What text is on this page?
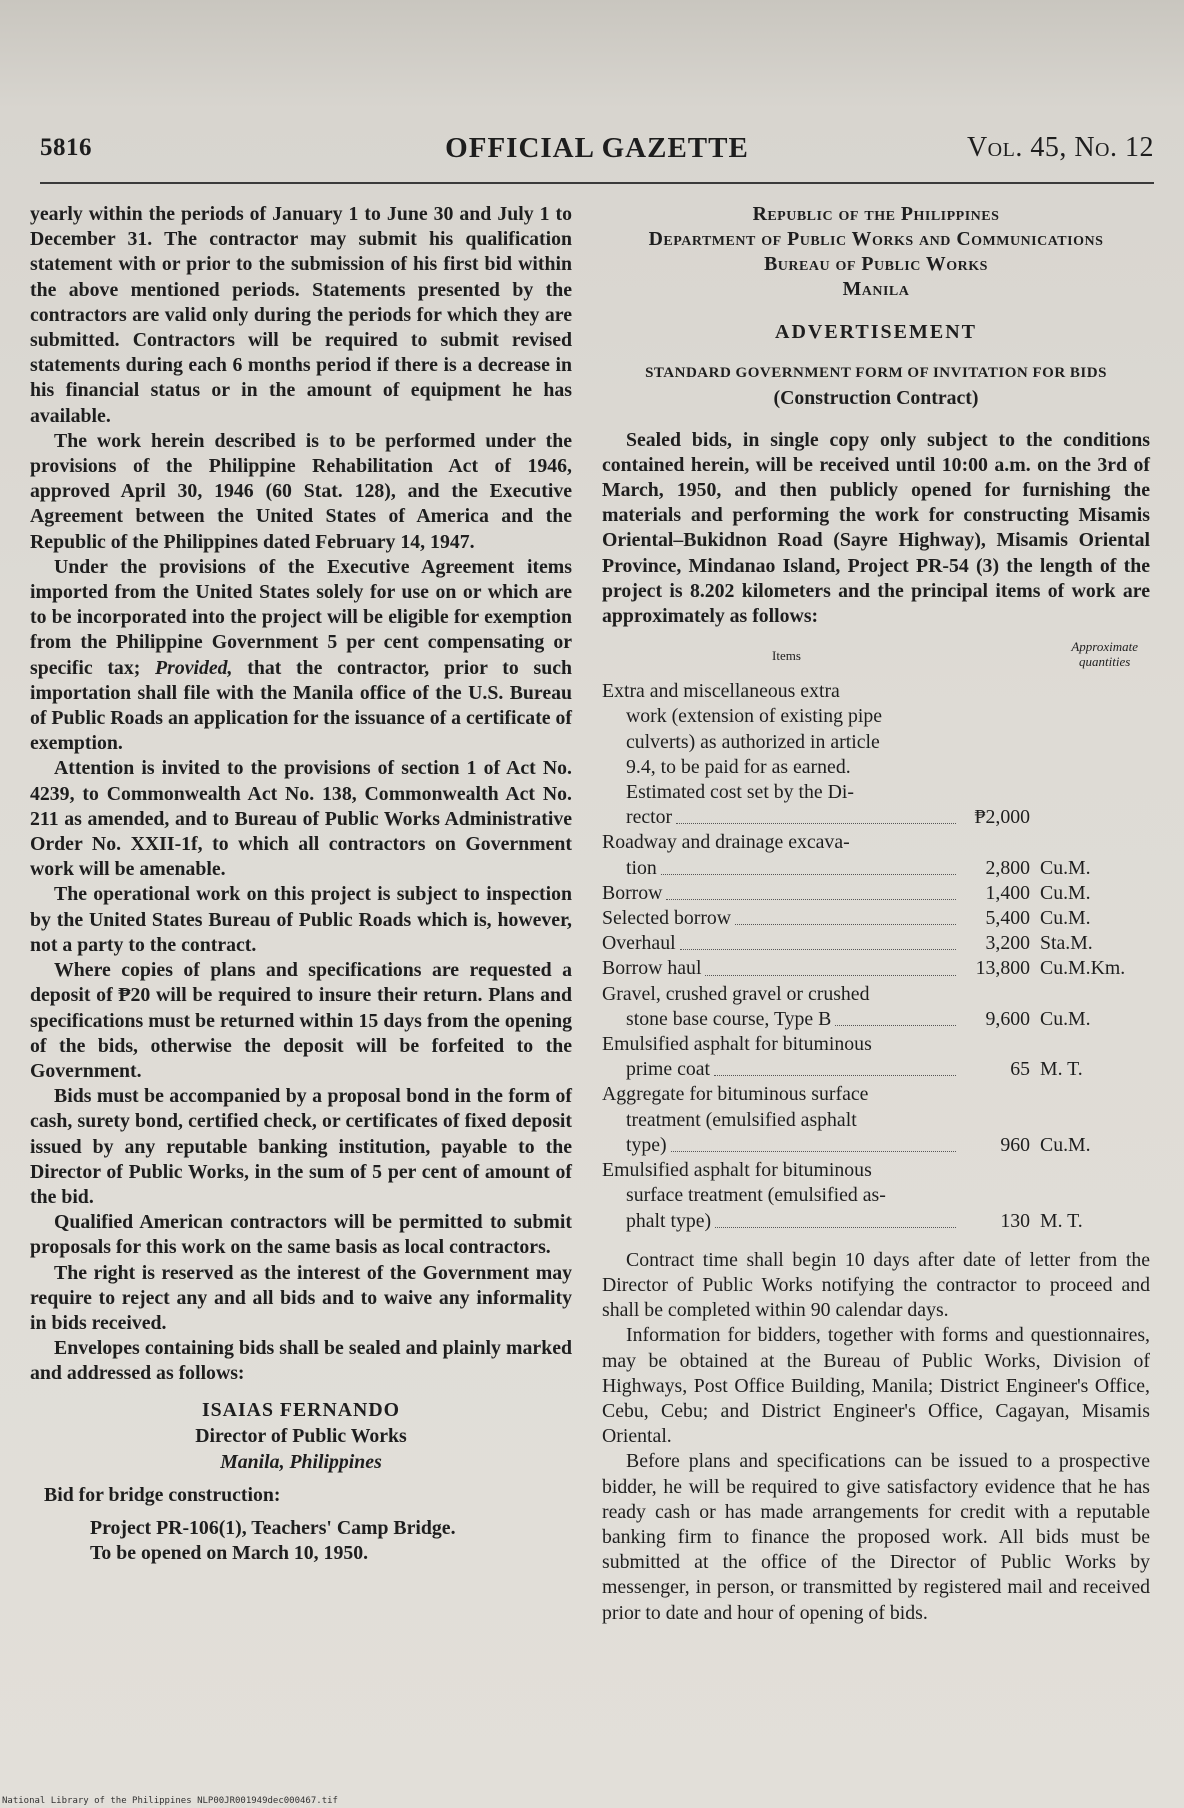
5816	OFFICIAL GAZETTE	Vol. 45, No. 12

yearly within the periods of January 1 to June 30 and July 1 to December 31. The contractor may submit his qualification statement with or prior to the submission of his first bid within the above mentioned periods. Statements presented by the contractors are valid only during the periods for which they are submitted. Contractors will be required to submit revised statements during each 6 months period if there is a decrease in his financial status or in the amount of equipment he has available.

The work herein described is to be performed under the provisions of the Philippine Rehabilitation Act of 1946, approved April 30, 1946 (60 Stat. 128), and the Executive Agreement between the United States of America and the Republic of the Philippines dated February 14, 1947.

Under the provisions of the Executive Agreement items imported from the United States solely for use on or which are to be incorporated into the project will be eligible for exemption from the Philippine Government 5 per cent compensating or specific tax; Provided, that the contractor, prior to such importation shall file with the Manila office of the U.S. Bureau of Public Roads an application for the issuance of a certificate of exemption.

Attention is invited to the provisions of section 1 of Act No. 4239, to Commonwealth Act No. 138, Commonwealth Act No. 211 as amended, and to Bureau of Public Works Administrative Order No. XXII-1f, to which all contractors on Government work will be amenable.

The operational work on this project is subject to inspection by the United States Bureau of Public Roads which is, however, not a party to the contract.

Where copies of plans and specifications are requested a deposit of ₱20 will be required to insure their return. Plans and specifications must be returned within 15 days from the opening of the bids, otherwise the deposit will be forfeited to the Government.

Bids must be accompanied by a proposal bond in the form of cash, surety bond, certified check, or certificates of fixed deposit issued by any reputable banking institution, payable to the Director of Public Works, in the sum of 5 per cent of amount of the bid.

Qualified American contractors will be permitted to submit proposals for this work on the same basis as local contractors.

The right is reserved as the interest of the Government may require to reject any and all bids and to waive any informality in bids received.

Envelopes containing bids shall be sealed and plainly marked and addressed as follows:

ISAIAS FERNANDO
Director of Public Works
Manila, Philippines
Bid for bridge construction:
Project PR-106(1), Teachers' Camp Bridge.
To be opened on March 10, 1950.
Republic of the Philippines
Department of Public Works and Communications
Bureau of Public Works
Manila
ADVERTISEMENT
STANDARD GOVERNMENT FORM OF INVITATION FOR BIDS
(Construction Contract)

Sealed bids, in single copy only subject to the conditions contained herein, will be received until 10:00 a.m. on the 3rd of March, 1950, and then publicly opened for furnishing the materials and performing the work for constructing Misamis Oriental–Bukidnon Road (Sayre Highway), Misamis Oriental Province, Mindanao Island, Project PR-54 (3) the length of the project is 8.202 kilometers and the principal items of work are approximately as follows:

Items
Approximate
quantities
Extra and miscellaneous extra
work (extension of existing pipe
culverts) as authorized in article
9.4, to be paid for as earned.
Estimated cost set by the Di-
rector	₱2,000
Roadway and drainage excava-
tion	2,800 Cu.M.
Borrow	1,400 Cu.M.
Selected borrow	5,400 Cu.M.
Overhaul	3,200 Sta.M.
Borrow haul	13,800 Cu.M.Km.
Gravel, crushed gravel or crushed
stone base course, Type B	9,600 Cu.M.
Emulsified asphalt for bituminous
prime coat	65 M. T.
Aggregate for bituminous surface
treatment (emulsified asphalt
type)	960 Cu.M.
Emulsified asphalt for bituminous
surface treatment (emulsified as-
phalt type)	130 M. T.

Contract time shall begin 10 days after date of letter from the Director of Public Works notifying the contractor to proceed and shall be completed within 90 calendar days.

Information for bidders, together with forms and questionnaires, may be obtained at the Bureau of Public Works, Division of Highways, Post Office Building, Manila; District Engineer's Office, Cebu, Cebu; and District Engineer's Office, Cagayan, Misamis Oriental.

Before plans and specifications can be issued to a prospective bidder, he will be required to give satisfactory evidence that he has ready cash or has made arrangements for credit with a reputable banking firm to finance the proposed work. All bids must be submitted at the office of the Director of Public Works by messenger, in person, or transmitted by registered mail and received prior to date and hour of opening of bids.

National Library of the Philippines NLP00JR001949dec000467.tif
